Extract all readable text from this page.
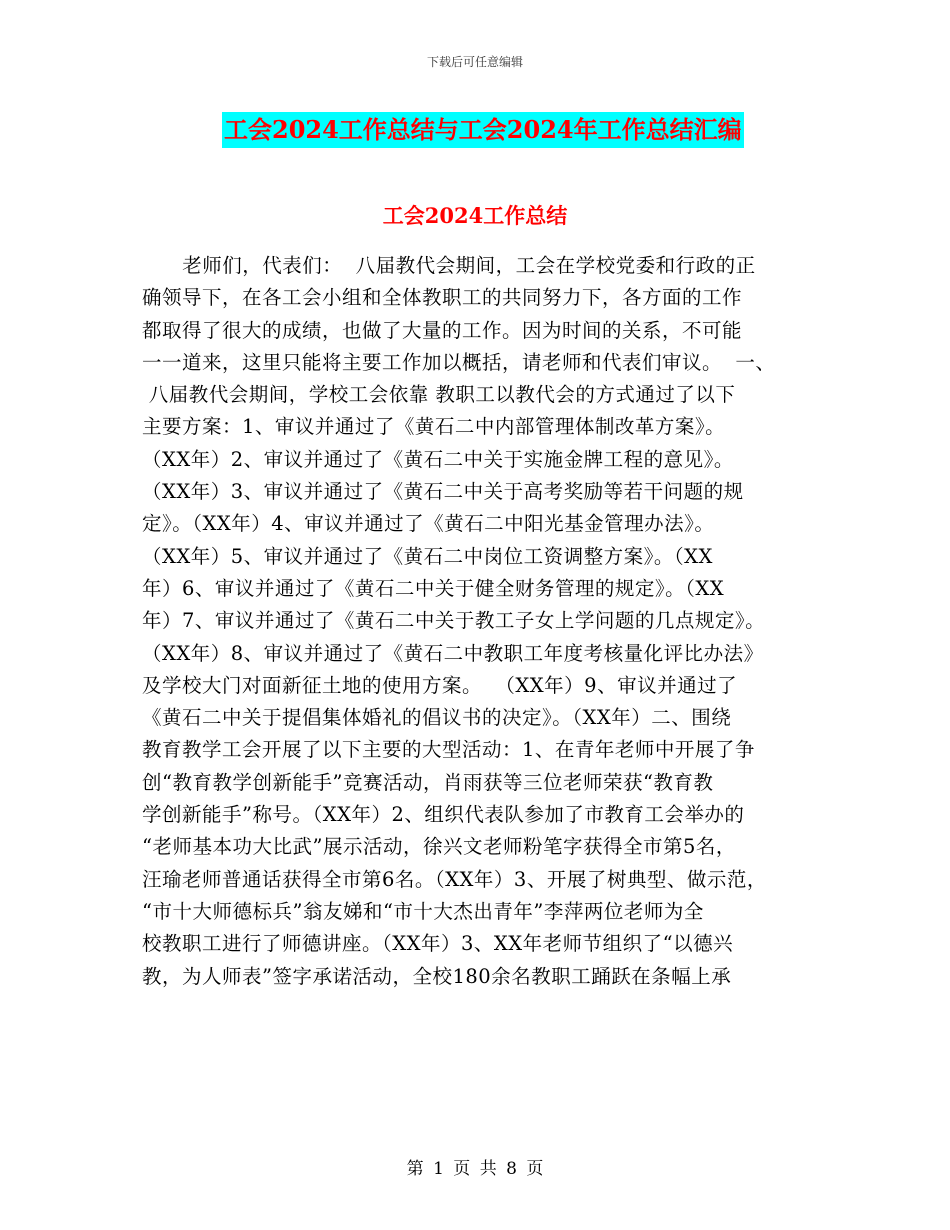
下载后可任意编辑
工会2024工作总结与工会2024年工作总结汇编
工会2024工作总结
老师们，代表们：  八届教代会期间，工会在学校党委和行政的正
确领导下，在各工会小组和全体教职工的共同努力下，各方面的工作
都取得了很大的成绩，也做了大量的工作。因为时间的关系，不可能
一一道来，这里只能将主要工作加以概括，请老师和代表们审议。  一、
八届教代会期间，学校工会依靠 教职工以教代会的方式通过了以下
主要方案：1、审议并通过了《黄石二中内部管理体制改革方案》。
（XX年）2、审议并通过了《黄石二中关于实施金牌工程的意见》。
（XX年）3、审议并通过了《黄石二中关于高考奖励等若干问题的规
定》。（XX年）4、审议并通过了《黄石二中阳光基金管理办法》。
（XX年）5、审议并通过了《黄石二中岗位工资调整方案》。（XX
年）6、审议并通过了《黄石二中关于健全财务管理的规定》。（XX
年）7、审议并通过了《黄石二中关于教工子女上学问题的几点规定》。
（XX年）8、审议并通过了《黄石二中教职工年度考核量化评比办法》
及学校大门对面新征土地的使用方案。  （XX年）9、审议并通过了
《黄石二中关于提倡集体婚礼的倡议书的决定》。（XX年）二、围绕
教育教学工会开展了以下主要的大型活动：1、在青年老师中开展了争
创“教育教学创新能手”竞赛活动，肖雨获等三位老师荣获“教育教
学创新能手”称号。（XX年）2、组织代表队参加了市教育工会举办的
“老师基本功大比武”展示活动，徐兴文老师粉笔字获得全市第5名，
汪瑜老师普通话获得全市第6名。（XX年）3、开展了树典型、做示范，
“市十大师德标兵”翁友娣和“市十大杰出青年”李萍两位老师为全
校教职工进行了师德讲座。（XX年）3、XX年老师节组织了“以德兴
教，为人师表”签字承诺活动，全校180余名教职工踊跃在条幅上承
第 1 页 共 8 页
